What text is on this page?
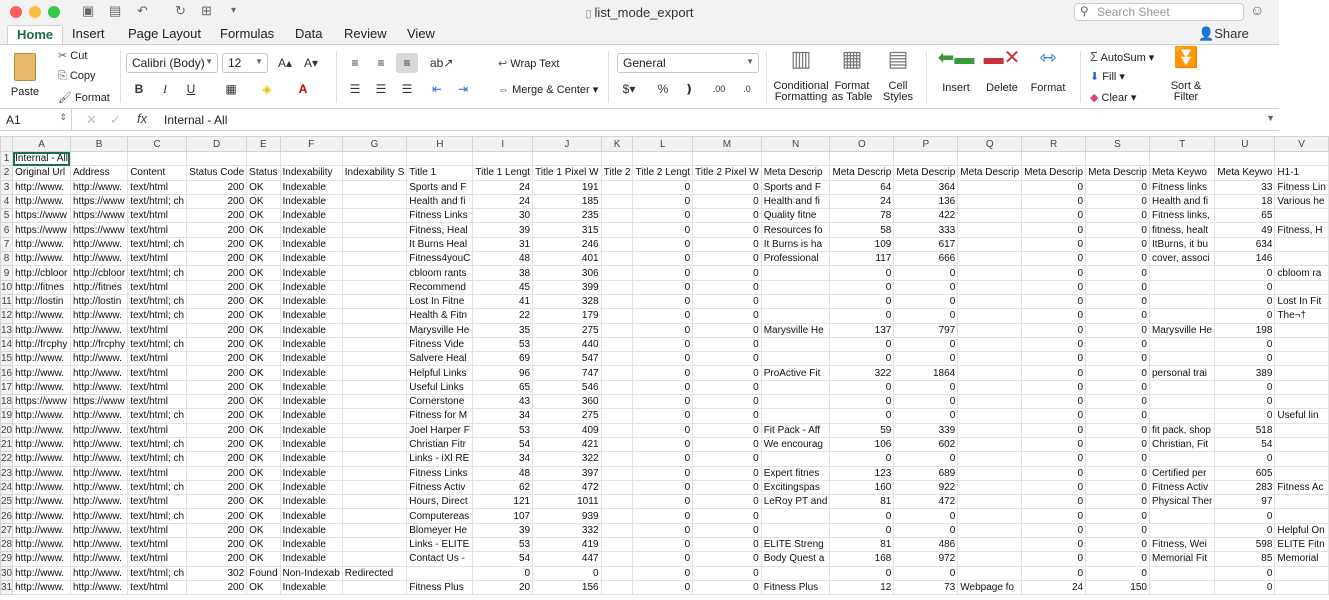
▣ ▤ ↶ ↻ ⊞ ▾	▯ list_mode_export	⚲ Search Sheet	☺
Home	Insert Page Layout Formulas Data Review View	👤Share
Paste
✂ Cut
⎘ Copy
🖌 Format
Calibri (Body) ▼	12 ▼	A▴ A▾
B	I	U	▦	◈	A
≡	≡	≡	ab↗
☰	☰	☰	⇤	⇥
↩ Wrap Text
⇔ Merge & Center ▾
General	▼
$▾	%	❫	.00	.0
▥
Conditional
Formatting
▦
Format
as Table
▤
Cell
Styles
⬅▬
Insert
▬✕
Delete
⇿
Format
Σ AutoSum ▾
⬇ Fill ▾
◆ Clear ▾
⏬
Sort &
Filter
A1	⇕ ✕ ✓ fx Internal - All	▼
	A	B	C	D	E	F	G	H	I	J	K	L	M	N	O	P	Q	R	S	T	U	V
1	Internal - All																					
2	Original Url	Address	Content	Status Code	Status	Indexability	Indexability S	Title 1	Title 1 Lengt	Title 1 Pixel W	Title 2	Title 2 Lengt	Title 2 Pixel W	Meta Descrip	Meta Descrip	Meta Descrip	Meta Descrip	Meta Descrip	Meta Descrip	Meta Keywo	Meta Keywo	H1-1
3	http://www.	http://www.	text/html	200	OK	Indexable		Sports and F	24	191		0	0	Sports and F	64	364		0	0	Fitness links	33	Fitness Lin
4	http://www.	https://www	text/html; ch	200	OK	Indexable		Health and fi	24	185		0	0	Health and fi	24	136		0	0	Health and fi	18	Various he
5	https://www	https://www	text/html	200	OK	Indexable		Fitness Links	30	235		0	0	Quality fitne	78	422		0	0	Fitness links,	65	
6	https://www	https://www	text/html	200	OK	Indexable		Fitness, Heal	39	315		0	0	Resources fo	58	333		0	0	fitness, healt	49	Fitness, H
7	http://www.	http://www.	text/html; ch	200	OK	Indexable		It Burns Heal	31	246		0	0	It Burns is ha	109	617		0	0	ItBurns, it bu	634	
8	http://www.	http://www.	text/html	200	OK	Indexable		Fitness4youC	48	401		0	0	Professional	117	666		0	0	cover, associ	146	
9	http://cbloor	http://cbloor	text/html; ch	200	OK	Indexable		cbloom rants	38	306		0	0		0	0		0	0		0	cbloom ra
10	http://fitnes	http://fitnes	text/html	200	OK	Indexable		Recommend	45	399		0	0		0	0		0	0		0	
11	http://lostin	http://lostin	text/html; ch	200	OK	Indexable		Lost In Fitne	41	328		0	0		0	0		0	0		0	Lost In Fit
12	http://www.	http://www.	text/html; ch	200	OK	Indexable		Health & Fitn	22	179		0	0		0	0		0	0		0	The¬†
13	http://www.	http://www.	text/html	200	OK	Indexable		Marysville He	35	275		0	0	Marysville He	137	797		0	0	Marysville He	198	
14	http://frcphy	http://frcphy	text/html; ch	200	OK	Indexable		Fitness Vide	53	440		0	0		0	0		0	0		0	
15	http://www.	http://www.	text/html	200	OK	Indexable		Salvere Heal	69	547		0	0		0	0		0	0		0	
16	http://www.	http://www.	text/html	200	OK	Indexable		Helpful Links	96	747		0	0	ProActive Fit	322	1864		0	0	personal trai	389	
17	http://www.	http://www.	text/html	200	OK	Indexable		Useful Links	65	546		0	0		0	0		0	0		0	
18	https://www	https://www	text/html	200	OK	Indexable		Cornerstone	43	360		0	0		0	0		0	0		0	
19	http://www.	http://www.	text/html; ch	200	OK	Indexable		Fitness for M	34	275		0	0		0	0		0	0		0	Useful lin
20	http://www.	http://www.	text/html	200	OK	Indexable		Joel Harper F	53	409		0	0	Fit Pack - Aff	59	339		0	0	fit pack, shop	518	
21	http://www.	http://www.	text/html; ch	200	OK	Indexable		Christian Fitr	54	421		0	0	We encourag	106	602		0	0	Christian, Fit	54	
22	http://www.	http://www.	text/html; ch	200	OK	Indexable		Links - iXl RE	34	322		0	0		0	0		0	0		0	
23	http://www.	http://www.	text/html	200	OK	Indexable		Fitness Links	48	397		0	0	Expert fitnes	123	689		0	0	Certified per	605	
24	http://www.	http://www.	text/html; ch	200	OK	Indexable		Fitness Activ	62	472		0	0	Excitingspas	160	922		0	0	Fitness Activ	283	Fitness Ac
25	http://www.	http://www.	text/html	200	OK	Indexable		Hours, Direct	121	1011		0	0	LeRoy PT and	81	472		0	0	Physical Ther	97	
26	http://www.	http://www.	text/html; ch	200	OK	Indexable		Computereas	107	939		0	0		0	0		0	0		0	
27	http://www.	http://www.	text/html	200	OK	Indexable		Blomeyer He	39	332		0	0		0	0		0	0		0	Helpful On
28	http://www.	http://www.	text/html	200	OK	Indexable		Links - ELITE	53	419		0	0	ELITE Streng	81	486		0	0	Fitness, Wei	598	ELITE Fitn
29	http://www.	http://www.	text/html	200	OK	Indexable		Contact Us -	54	447		0	0	Body Quest a	168	972		0	0	Memorial Fit	85	Memorial
30	http://www.	http://www.	text/html; ch	302	Found	Non-Indexab	Redirected		0	0		0	0		0	0		0	0		0	
31	http://www.	http://www.	text/html	200	OK	Indexable		Fitness Plus	20	156		0	0	Fitness Plus	12	73	Webpage fo	24	150		0	
